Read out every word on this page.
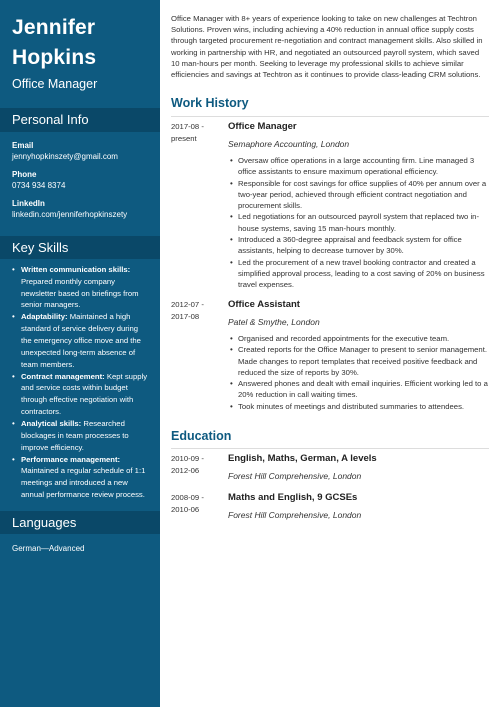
Jennifer
Hopkins
Office Manager
Personal Info
Email
jennyhopkinszety@gmail.com
Phone
0734 934 8374
LinkedIn
linkedin.com/jenniferhopkinszety
Key Skills
• Written communication skills: Prepared monthly company newsletter based on briefings from senior managers.
• Adaptability: Maintained a high standard of service delivery during the emergency office move and the unexpected long-term absence of team members.
• Contract management: Kept supply and service costs within budget through effective negotiation with contractors.
• Analytical skills: Researched blockages in team processes to improve efficiency.
• Performance management: Maintained a regular schedule of 1:1 meetings and introduced a new annual performance review process.
Languages
German—Advanced
Office Manager with 8+ years of experience looking to take on new challenges at Techtron Solutions. Proven wins, including achieving a 40% reduction in annual office supply costs through targeted procurement re-negotiation and contract management skills. Also skilled in working in partnership with HR, and negotiated an outsourced payroll system, which saved 10 man-hours per month. Seeking to leverage my professional skills to achieve similar efficiencies and savings at Techtron as it continues to provide class-leading CRM solutions.
Work History
2017-08 - present
Office Manager
Semaphore Accounting, London
• Oversaw office operations in a large accounting firm. Line managed 3 office assistants to ensure maximum operational efficiency.
• Responsible for cost savings for office supplies of 40% per annum over a two-year period, achieved through efficient contract negotiation and procurement skills.
• Led negotiations for an outsourced payroll system that replaced two in-house systems, saving 15 man-hours monthly.
• Introduced a 360-degree appraisal and feedback system for office assistants, helping to decrease turnover by 30%.
• Led the procurement of a new travel booking contractor and created a simplified approval process, leading to a cost saving of 20% on business travel expenses.
2012-07 - 2017-08
Office Assistant
Patel & Smythe, London
• Organised and recorded appointments for the executive team.
• Created reports for the Office Manager to present to senior management. Made changes to report templates that received positive feedback and reduced the size of reports by 30%.
• Answered phones and dealt with email inquiries. Efficient working led to a 20% reduction in call waiting times.
• Took minutes of meetings and distributed summaries to attendees.
Education
2010-09 - 2012-06
English, Maths, German, A levels
Forest Hill Comprehensive, London
2008-09 - 2010-06
Maths and English, 9 GCSEs
Forest Hill Comprehensive, London
